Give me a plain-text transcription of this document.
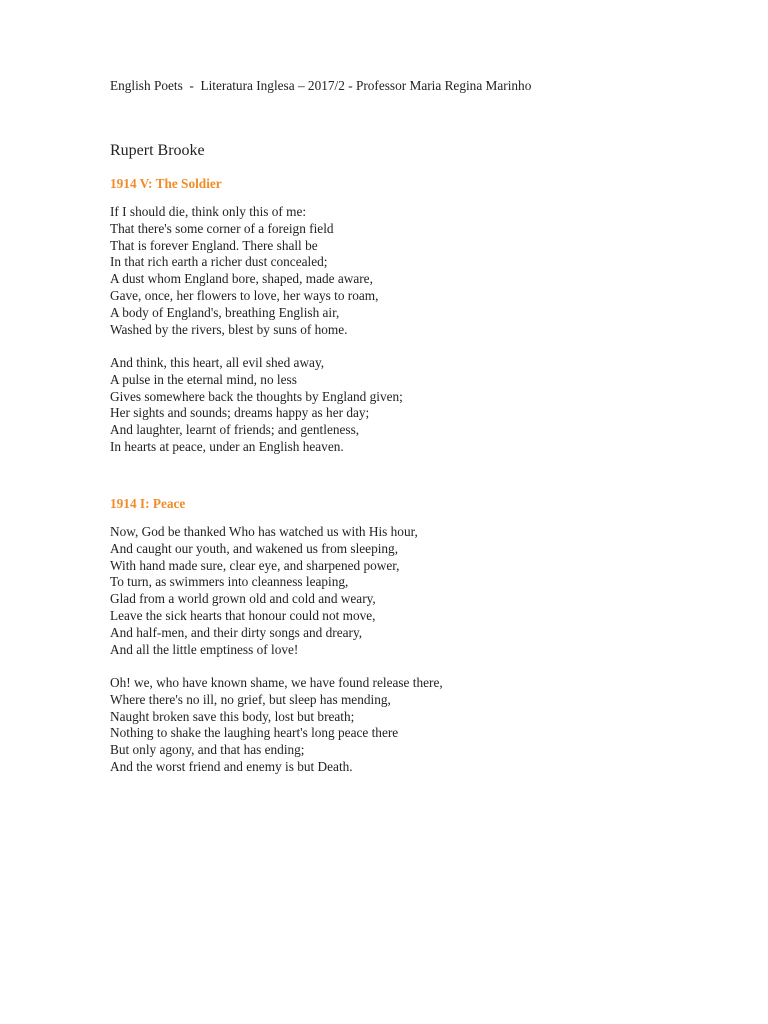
English Poets  -  Literatura Inglesa – 2017/2 - Professor Maria Regina Marinho
Rupert Brooke
1914 V: The Soldier
If I should die, think only this of me:
That there's some corner of a foreign field
That is forever England. There shall be
In that rich earth a richer dust concealed;
A dust whom England bore, shaped, made aware,
Gave, once, her flowers to love, her ways to roam,
A body of England's, breathing English air,
Washed by the rivers, blest by suns of home.
And think, this heart, all evil shed away,
A pulse in the eternal mind, no less
Gives somewhere back the thoughts by England given;
Her sights and sounds; dreams happy as her day;
And laughter, learnt of friends; and gentleness,
In hearts at peace, under an English heaven.
1914 I: Peace
Now, God be thanked Who has watched us with His hour,
And caught our youth, and wakened us from sleeping,
With hand made sure, clear eye, and sharpened power,
To turn, as swimmers into cleanness leaping,
Glad from a world grown old and cold and weary,
Leave the sick hearts that honour could not move,
And half-men, and their dirty songs and dreary,
And all the little emptiness of love!
Oh! we, who have known shame, we have found release there,
Where there's no ill, no grief, but sleep has mending,
Naught broken save this body, lost but breath;
Nothing to shake the laughing heart's long peace there
But only agony, and that has ending;
And the worst friend and enemy is but Death.
